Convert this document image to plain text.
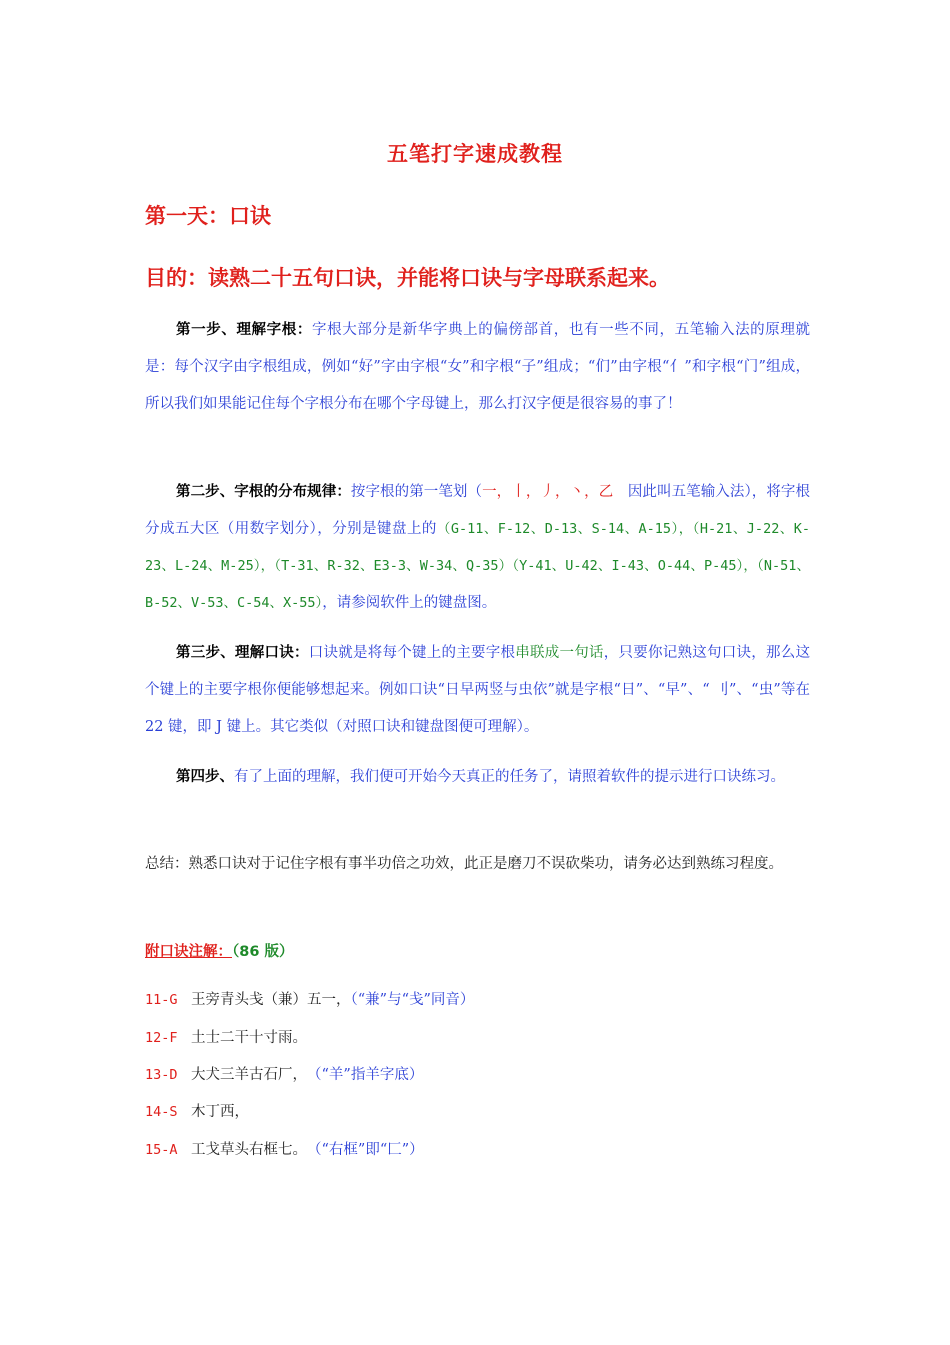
五笔打字速成教程
第一天：口诀
目的：读熟二十五句口诀，并能将口诀与字母联系起来。
第一步、理解字根：字根大部分是新华字典上的偏傍部首，也有一些不同，五笔输入法的原理就是：每个汉字由字根组成，例如“好”字由字根“女”和字根“子”组成；“们”由字根“亻”和字根“门”组成，所以我们如果能记住每个字根分布在哪个字母键上，那么打汉字便是很容易的事了！
第二步、字根的分布规律：按字根的第一笔划（一，丨，丿，丶，乙　因此叫五笔输入法），将字根分成五大区（用数字划分），分别是键盘上的（G-11、F-12、D-13、S-14、A-15），（H-21、J-22、K-23、L-24、M-25），（T-31、R-32、E3-3、W-34、Q-35）（Y-41、U-42、I-43、O-44、P-45），（N-51、B-52、V-53、C-54、X-55），请参阅软件上的键盘图。
第三步、理解口诀：口诀就是将每个键上的主要字根串联成一句话，只要你记熟这句口诀，那么这个键上的主要字根你便能够想起来。例如口诀“日早两竖与虫依”就是字根“日”、“早”、“ 刂”、“虫”等在 22 键，即 J 键上。其它类似（对照口诀和键盘图便可理解）。
第四步、有了上面的理解，我们便可开始今天真正的任务了，请照着软件的提示进行口诀练习。
总结：熟悉口诀对于记住字根有事半功倍之功效，此正是磨刀不误砍柴功，请务必达到熟练习程度。
附口诀注解：（86 版）
11-G 王旁青头戋（兼）五一，（“兼”与“戋”同音）
12-F 土士二干十寸雨。
13-D 大犬三羊古石厂，　（“羊”指羊字底）
14-S 木丁西，
15-A 工戈草头右框七。　（“右框”即“匚”）
